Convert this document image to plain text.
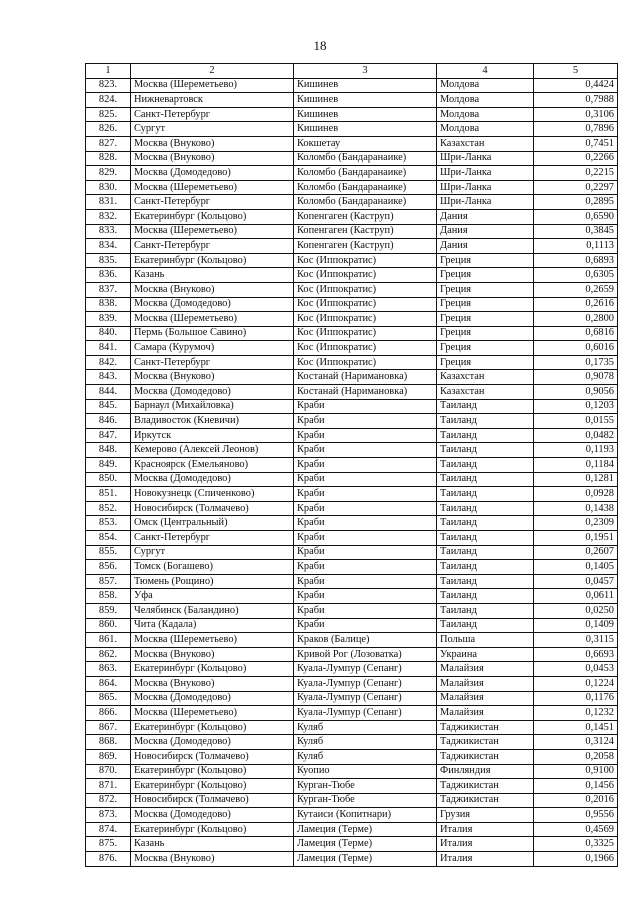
18
1	2	3	4	5
823.	Москва (Шереметьево)	Кишинев	Молдова	0,4424
824.	Нижневартовск	Кишинев	Молдова	0,7988
825.	Санкт-Петербург	Кишинев	Молдова	0,3106
826.	Сургут	Кишинев	Молдова	0,7896
827.	Москва (Внуково)	Кокшетау	Казахстан	0,7451
828.	Москва (Внуково)	Коломбо (Бандаранаике)	Шри-Ланка	0,2266
829.	Москва (Домодедово)	Коломбо (Бандаранаике)	Шри-Ланка	0,2215
830.	Москва (Шереметьево)	Коломбо (Бандаранаике)	Шри-Ланка	0,2297
831.	Санкт-Петербург	Коломбо (Бандаранаике)	Шри-Ланка	0,2895
832.	Екатеринбург (Кольцово)	Копенгаген (Каструп)	Дания	0,6590
833.	Москва (Шереметьево)	Копенгаген (Каструп)	Дания	0,3845
834.	Санкт-Петербург	Копенгаген (Каструп)	Дания	0,1113
835.	Екатеринбург (Кольцово)	Кос (Иппократис)	Греция	0,6893
836.	Казань	Кос (Иппократис)	Греция	0,6305
837.	Москва (Внуково)	Кос (Иппократис)	Греция	0,2659
838.	Москва (Домодедово)	Кос (Иппократис)	Греция	0,2616
839.	Москва (Шереметьево)	Кос (Иппократис)	Греция	0,2800
840.	Пермь (Большое Савино)	Кос (Иппократис)	Греция	0,6816
841.	Самара (Курумоч)	Кос (Иппократис)	Греция	0,6016
842.	Санкт-Петербург	Кос (Иппократис)	Греция	0,1735
843.	Москва (Внуково)	Костанай (Наримановка)	Казахстан	0,9078
844.	Москва (Домодедово)	Костанай (Наримановка)	Казахстан	0,9056
845.	Барнаул (Михайловка)	Краби	Таиланд	0,1203
846.	Владивосток (Кневичи)	Краби	Таиланд	0,0155
847.	Иркутск	Краби	Таиланд	0,0482
848.	Кемерово (Алексей Леонов)	Краби	Таиланд	0,1193
849.	Красноярск (Емельяново)	Краби	Таиланд	0,1184
850.	Москва (Домодедово)	Краби	Таиланд	0,1281
851.	Новокузнецк (Спиченково)	Краби	Таиланд	0,0928
852.	Новосибирск (Толмачево)	Краби	Таиланд	0,1438
853.	Омск (Центральный)	Краби	Таиланд	0,2309
854.	Санкт-Петербург	Краби	Таиланд	0,1951
855.	Сургут	Краби	Таиланд	0,2607
856.	Томск (Богашево)	Краби	Таиланд	0,1405
857.	Тюмень (Рощино)	Краби	Таиланд	0,0457
858.	Уфа	Краби	Таиланд	0,0611
859.	Челябинск (Баландино)	Краби	Таиланд	0,0250
860.	Чита (Кадала)	Краби	Таиланд	0,1409
861.	Москва (Шереметьево)	Краков (Балице)	Польша	0,3115
862.	Москва (Внуково)	Кривой Рог (Лозоватка)	Украина	0,6693
863.	Екатеринбург (Кольцово)	Куала-Лумпур (Сепанг)	Малайзия	0,0453
864.	Москва (Внуково)	Куала-Лумпур (Сепанг)	Малайзия	0,1224
865.	Москва (Домодедово)	Куала-Лумпур (Сепанг)	Малайзия	0,1176
866.	Москва (Шереметьево)	Куала-Лумпур (Сепанг)	Малайзия	0,1232
867.	Екатеринбург (Кольцово)	Куляб	Таджикистан	0,1451
868.	Москва (Домодедово)	Куляб	Таджикистан	0,3124
869.	Новосибирск (Толмачево)	Куляб	Таджикистан	0,2058
870.	Екатеринбург (Кольцово)	Куопио	Финляндия	0,9100
871.	Екатеринбург (Кольцово)	Курган-Тюбе	Таджикистан	0,1456
872.	Новосибирск (Толмачево)	Курган-Тюбе	Таджикистан	0,2016
873.	Москва (Домодедово)	Кутаиси (Копитнари)	Грузия	0,9556
874.	Екатеринбург (Кольцово)	Ламеция (Терме)	Италия	0,4569
875.	Казань	Ламеция (Терме)	Италия	0,3325
876.	Москва (Внуково)	Ламеция (Терме)	Италия	0,1966
